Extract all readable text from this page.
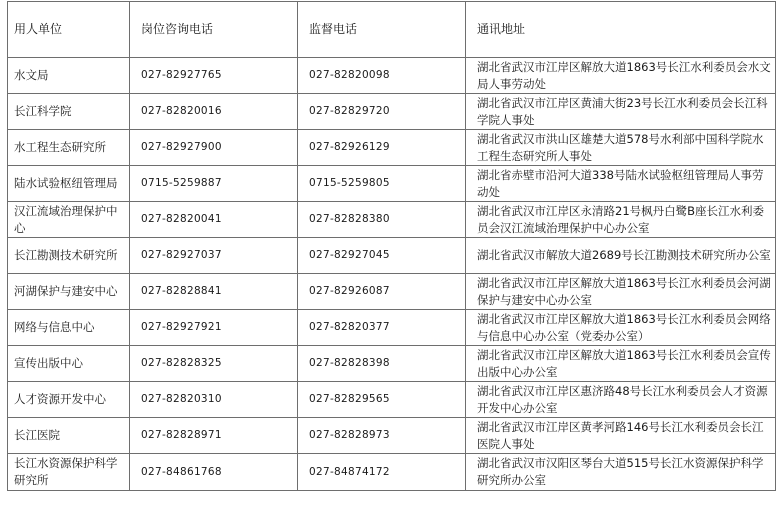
用人单位	岗位咨询电话	监督电话	通讯地址
水文局	027-82927765	027-82820098	湖北省武汉市江岸区解放大道1863号长江水利委员会水文局人事劳动处
长江科学院	027-82820016	027-82829720	湖北省武汉市江岸区黄浦大街23号长江水利委员会长江科学院人事处
水工程生态研究所	027-82927900	027-82926129	湖北省武汉市洪山区雄楚大道578号水利部中国科学院水工程生态研究所人事处
陆水试验枢纽管理局	0715-5259887	0715-5259805	湖北省赤壁市沿河大道338号陆水试验枢纽管理局人事劳动处
汉江流域治理保护中心	027-82820041	027-82828380	湖北省武汉市江岸区永清路21号枫丹白鹭B座长江水利委员会汉江流域治理保护中心办公室
长江勘测技术研究所	027-82927037	027-82927045	湖北省武汉市解放大道2689号长江勘测技术研究所办公室
河湖保护与建安中心	027-82828841	027-82926087	湖北省武汉市江岸区解放大道1863号长江水利委员会河湖保护与建安中心办公室
网络与信息中心	027-82927921	027-82820377	湖北省武汉市江岸区解放大道1863号长江水利委员会网络与信息中心办公室（党委办公室）
宣传出版中心	027-82828325	027-82828398	湖北省武汉市江岸区解放大道1863号长江水利委员会宣传出版中心办公室
人才资源开发中心	027-82820310	027-82829565	湖北省武汉市江岸区惠济路48号长江水利委员会人才资源开发中心办公室
长江医院	027-82828971	027-82828973	湖北省武汉市江岸区黄孝河路146号长江水利委员会长江医院人事处
长江水资源保护科学研究所	027-84861768	027-84874172	湖北省武汉市汉阳区琴台大道515号长江水资源保护科学研究所办公室
